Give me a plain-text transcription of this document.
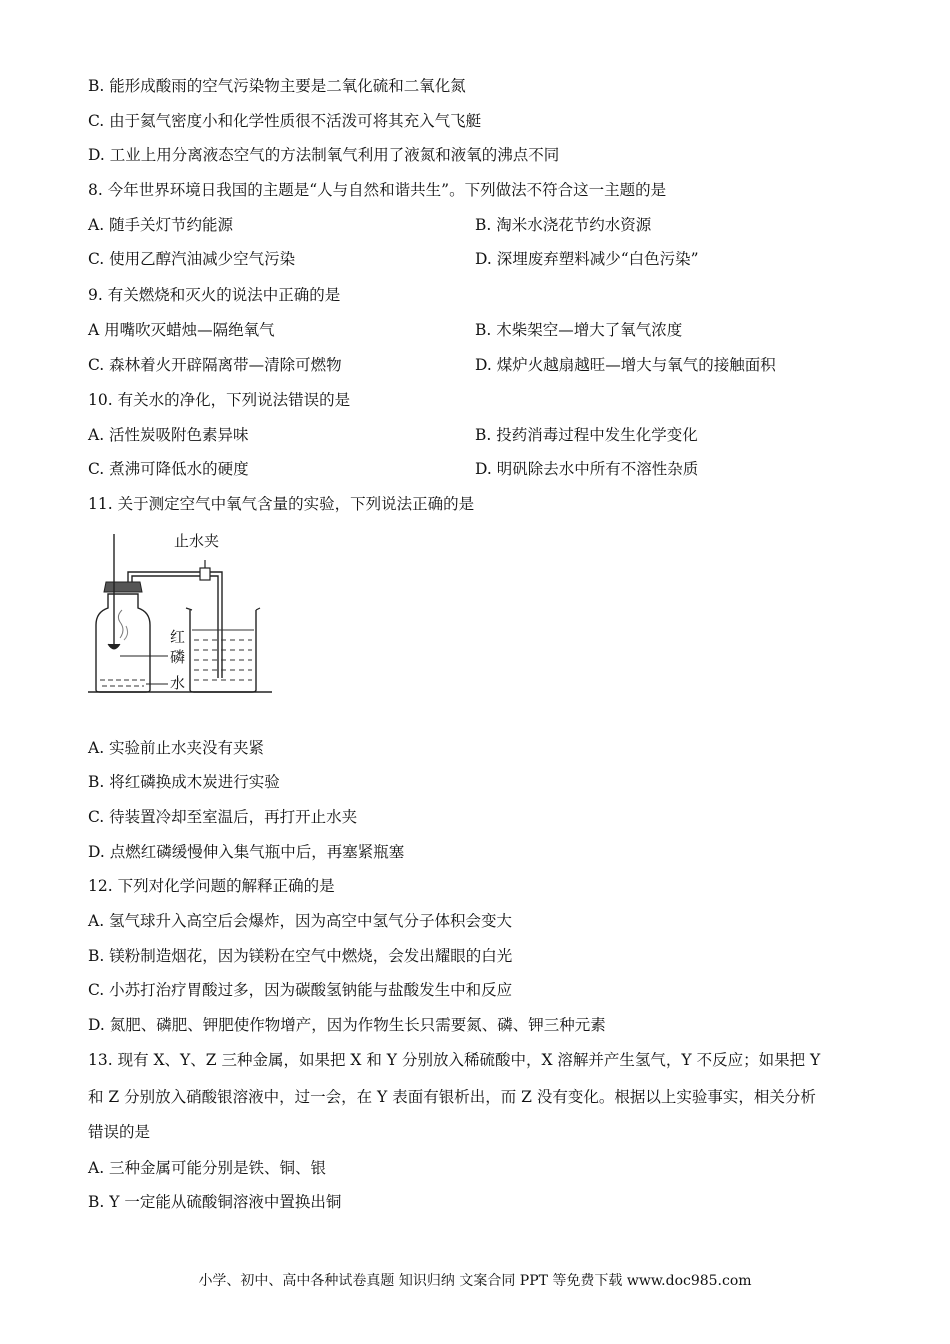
B. 能形成酸雨的空气污染物主要是二氧化硫和二氧化氮
C. 由于氦气密度小和化学性质很不活泼可将其充入气飞艇
D. 工业上用分离液态空气的方法制氧气利用了液氮和液氧的沸点不同
8. 今年世界环境日我国的主题是“人与自然和谐共生”。下列做法不符合这一主题的是
A. 随手关灯节约能源	B. 淘米水浇花节约水资源
C. 使用乙醇汽油减少空气污染	D. 深埋废弃塑料减少“白色污染”
9. 有关燃烧和灭火的说法中正确的是
A 用嘴吹灭蜡烛—隔绝氧气	B. 木柴架空—增大了氧气浓度
C. 森林着火开辟隔离带—清除可燃物	D. 煤炉火越扇越旺—增大与氧气的接触面积
10. 有关水的净化，下列说法错误的是
A. 活性炭吸附色素异味	B. 投药消毒过程中发生化学变化
C. 煮沸可降低水的硬度	D. 明矾除去水中所有不溶性杂质
11. 关于测定空气中氧气含量的实验，下列说法正确的是
止水夹
红
磷
水
A. 实验前止水夹没有夹紧
B. 将红磷换成木炭进行实验
C. 待装置冷却至室温后，再打开止水夹
D. 点燃红磷缓慢伸入集气瓶中后，再塞紧瓶塞
12. 下列对化学问题的解释正确的是
A. 氢气球升入高空后会爆炸，因为高空中氢气分子体积会变大
B. 镁粉制造烟花，因为镁粉在空气中燃烧，会发出耀眼的白光
C. 小苏打治疗胃酸过多，因为碳酸氢钠能与盐酸发生中和反应
D. 氮肥、磷肥、钾肥使作物增产，因为作物生长只需要氮、磷、钾三种元素
13. 现有 X、Y、Z 三种金属，如果把 X 和 Y 分别放入稀硫酸中，X 溶解并产生氢气，Y 不反应；如果把 Y
和 Z 分别放入硝酸银溶液中，过一会，在 Y 表面有银析出，而 Z 没有变化。根据以上实验事实，相关分析
错误的是
A. 三种金属可能分别是铁、铜、银
B. Y 一定能从硫酸铜溶液中置换出铜
小学、初中、高中各种试卷真题 知识归纳 文案合同 PPT 等免费下载 www.doc985.com
